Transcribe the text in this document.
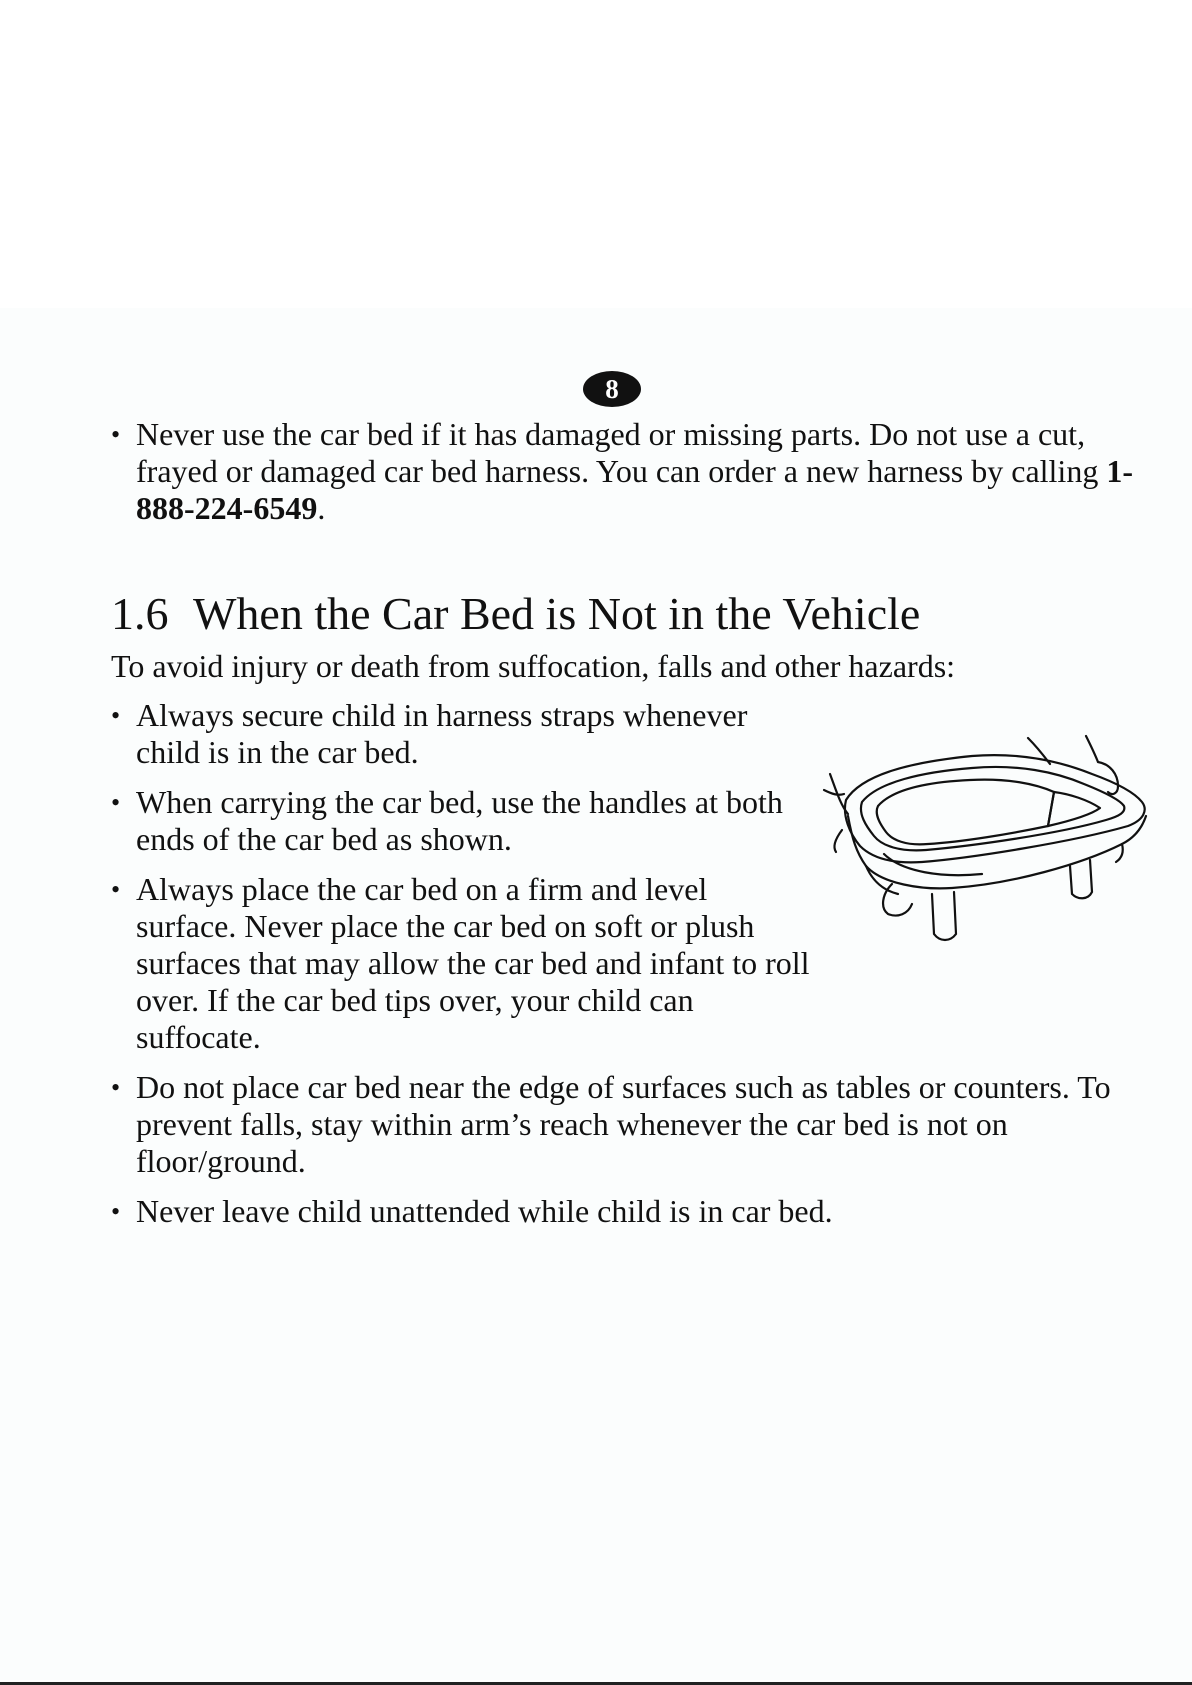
8
• Never use the car bed if it has damaged or missing parts. Do not use a cut, frayed or damaged car bed harness. You can order a new harness by calling 1-888-224-6549.
1.6 When the Car Bed is Not in the Vehicle
To avoid injury or death from suffocation, falls and other hazards:
• Always secure child in harness straps whenever child is in the car bed.
• When carrying the car bed, use the handles at both ends of the car bed as shown.
• Always place the car bed on a firm and level surface. Never place the car bed on soft or plush surfaces that may allow the car bed and infant to roll over. If the car bed tips over, your child can suffocate.
• Do not place car bed near the edge of surfaces such as tables or counters. To prevent falls, stay within arm’s reach whenever the car bed is not on floor/ground.
• Never leave child unattended while child is in car bed.
